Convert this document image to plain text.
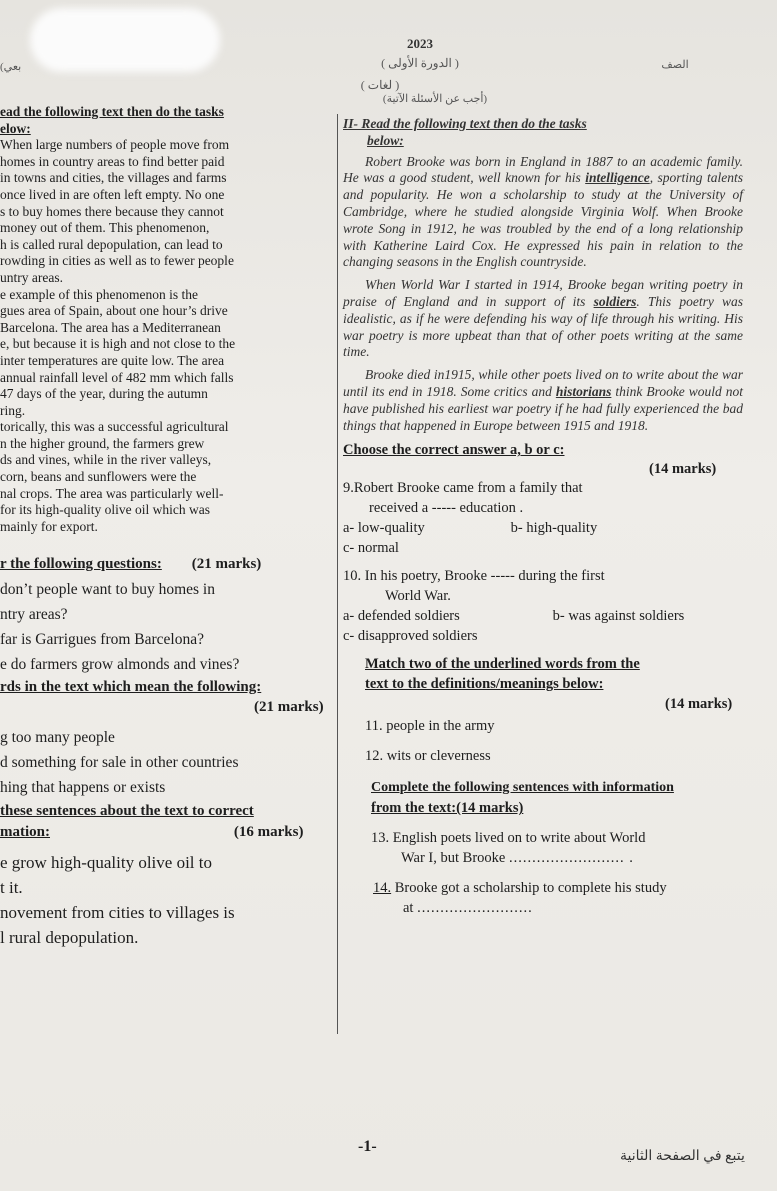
2023
( الدورة الأولى )
( لغات )
الصف
(بعي
(أجب عن الأسئلة الآتية)

ead the following text then do the tasks

elow:

When large numbers of people move from

homes in country areas to find better paid

in towns and cities, the villages and farms

once lived in are often left empty. No one

s to buy homes there because they cannot

money out of them. This phenomenon,

h is called rural depopulation, can lead to

rowding in cities as well as to fewer people

untry areas.

e example of this phenomenon is the

gues area of Spain, about one hour’s drive

Barcelona. The area has a Mediterranean

e, but because it is high and not close to the

inter temperatures are quite low. The area

annual rainfall level of 482 mm which falls

47 days of the year, during the autumn

ring.

torically, this was a successful agricultural

n the higher ground, the farmers grew

ds and vines, while in the river valleys,

corn, beans and sunflowers were the

nal crops. The area was particularly well-

for its high-quality olive oil which was

mainly for export.

r the following questions: (21 marks)

don’t people want to buy homes in

ntry areas?

far is Garrigues from Barcelona?

e do farmers grow almonds and vines?

rds in the text which mean the following:

(21 marks)

g too many people

d something for sale in other countries

hing that happens or exists

these sentences about the text to correct

mation:	(16 marks)

e grow high-quality olive oil to

t it.

novement from cities to villages is

l rural depopulation.

II- Read the following text then do the tasks

below:

Robert Brooke was born in England in 1887 to an academic family. He was a good student, well known for his intelligence, sporting talents and popularity. He won a scholarship to study at the University of Cambridge, where he studied alongside Virginia Wolf. When Brooke wrote Song in 1912, he was troubled by the end of a long relationship with Katherine Laird Cox. He expressed his pain in relation to the changing seasons in the English countryside.

When World War I started in 1914, Brooke began writing poetry in praise of England and in support of its soldiers. This poetry was idealistic, as if he were defending his way of life through his writing. His war poetry is more upbeat than that of other poets writing at the same time.

Brooke died in1915, while other poets lived on to write about the war until its end in 1918. Some critics and historians think Brooke would not have published his earliest war poetry if he had fully experienced the bad things that happened in Europe between 1915 and 1918.

Choose the correct answer a, b or c:

(14 marks)

9.Robert Brooke came from a family that

received a ----- education .

a- low-quality	b- high-quality

c- normal

10. In his poetry, Brooke ----- during the first

World War.

a- defended soldiers	b- was against soldiers

c- disapproved soldiers

Match two of the underlined words from the

text to the definitions/meanings below:

(14 marks)

11. people in the army

12. wits or cleverness

Complete the following sentences with information

from the text:(14 marks)

13. English poets lived on to write about World

War I, but Brooke ......................... .

14. Brooke got a scholarship to complete his study

at .........................

-1-
يتبع في الصفحة الثانية
